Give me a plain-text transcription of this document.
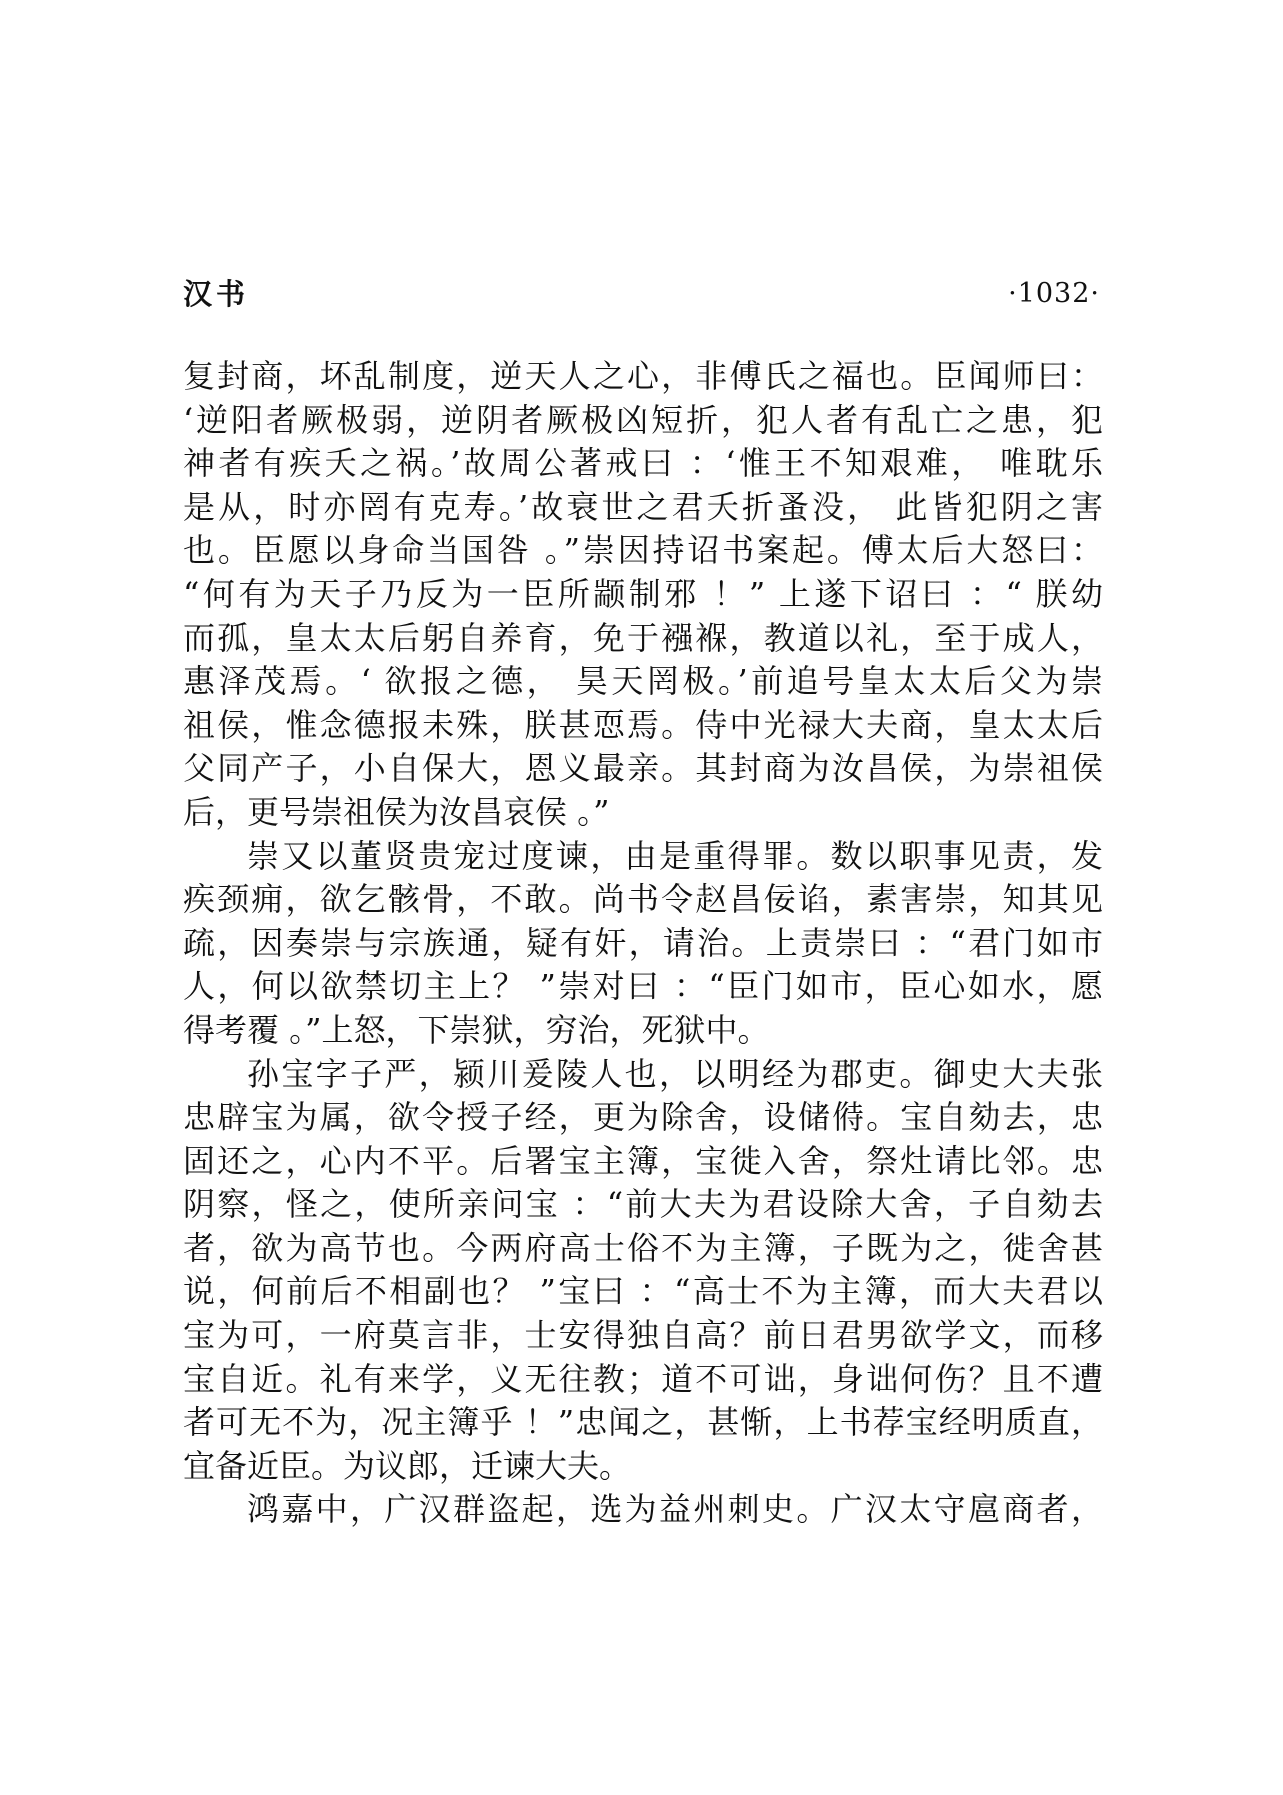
汉书	·1032·
复封商，坏乱制度，逆天人之心，非傅氏之福也。臣闻师曰：
‘逆阳者厥极弱，逆阴者厥极凶短折，犯人者有乱亡之患，犯
神者有疾夭之祸。’故周公著戒曰 ：‘惟王不知艰难， 唯耽乐
是从，时亦罔有克寿。’故衰世之君夭折蚤没， 此皆犯阴之害
也。臣愿以身命当国咎 。”崇因持诏书案起。傅太后大怒曰：
“何有为天子乃反为一臣所颛制邪 ！” 上遂下诏曰 ：“ 朕幼
而孤，皇太太后躬自养育，免于襁褓，教道以礼，至于成人，
惠泽茂焉。‘ 欲报之德， 昊天罔极。’前追号皇太太后父为崇
祖侯，惟念德报未殊，朕甚恧焉。侍中光禄大夫商，皇太太后
父同产子，小自保大，恩义最亲。其封商为汝昌侯，为崇祖侯
后，更号崇祖侯为汝昌哀侯 。”
崇又以董贤贵宠过度谏，由是重得罪。数以职事见责，发
疾颈痈，欲乞骸骨，不敢。尚书令赵昌佞谄，素害崇，知其见
疏，因奏崇与宗族通，疑有奸，请治。上责崇曰 ：“君门如市
人，何以欲禁切主上？ ”崇对曰 ：“臣门如市，臣心如水，愿
得考覆 。”上怒，下崇狱，穷治，死狱中。
孙宝字子严，颍川爰陵人也，以明经为郡吏。御史大夫张
忠辟宝为属，欲令授子经，更为除舍，设储偫。宝自劾去，忠
固还之，心内不平。后署宝主簿，宝徙入舍，祭灶请比邻。忠
阴察，怪之，使所亲问宝 ：“前大夫为君设除大舍，子自劾去
者，欲为高节也。今两府高士俗不为主簿，子既为之，徙舍甚
说，何前后不相副也？ ”宝曰 ：“高士不为主簿，而大夫君以
宝为可，一府莫言非，士安得独自高？前日君男欲学文，而移
宝自近。礼有来学，义无往教；道不可诎，身诎何伤？且不遭
者可无不为，况主簿乎 ！”忠闻之，甚惭，上书荐宝经明质直，
宜备近臣。为议郎，迁谏大夫。
鸿嘉中，广汉群盗起，选为益州刺史。广汉太守扈商者，
